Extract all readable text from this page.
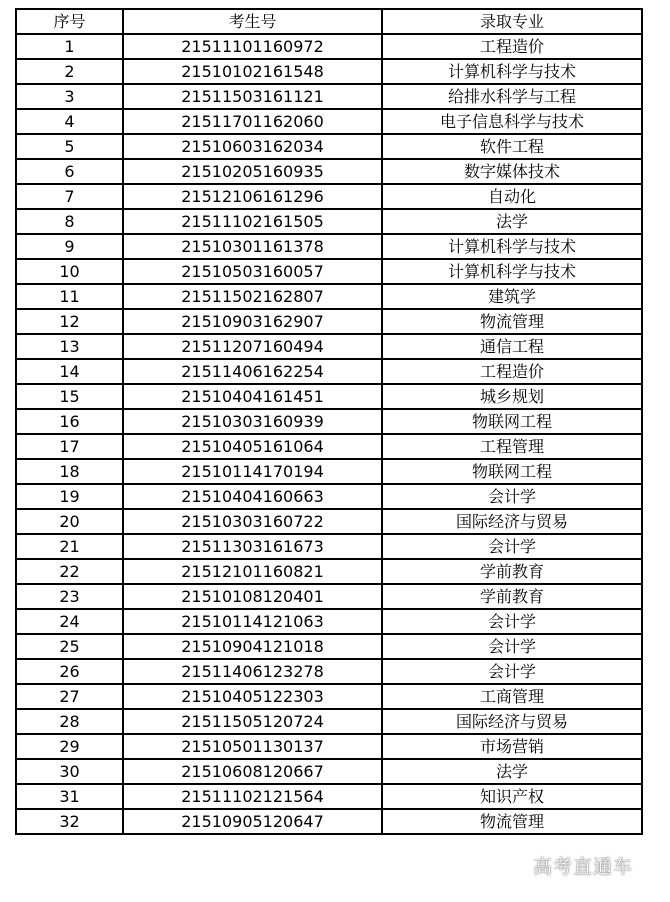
序号	考生号	录取专业
1	21511101160972	工程造价
2	21510102161548	计算机科学与技术
3	21511503161121	给排水科学与工程
4	21511701162060	电子信息科学与技术
5	21510603162034	软件工程
6	21510205160935	数字媒体技术
7	21512106161296	自动化
8	21511102161505	法学
9	21510301161378	计算机科学与技术
10	21510503160057	计算机科学与技术
11	21511502162807	建筑学
12	21510903162907	物流管理
13	21511207160494	通信工程
14	21511406162254	工程造价
15	21510404161451	城乡规划
16	21510303160939	物联网工程
17	21510405161064	工程管理
18	21510114170194	物联网工程
19	21510404160663	会计学
20	21510303160722	国际经济与贸易
21	21511303161673	会计学
22	21512101160821	学前教育
23	21510108120401	学前教育
24	21510114121063	会计学
25	21510904121018	会计学
26	21511406123278	会计学
27	21510405122303	工商管理
28	21511505120724	国际经济与贸易
29	21510501130137	市场营销
30	21510608120667	法学
31	21511102121564	知识产权
32	21510905120647	物流管理
高考直通车
